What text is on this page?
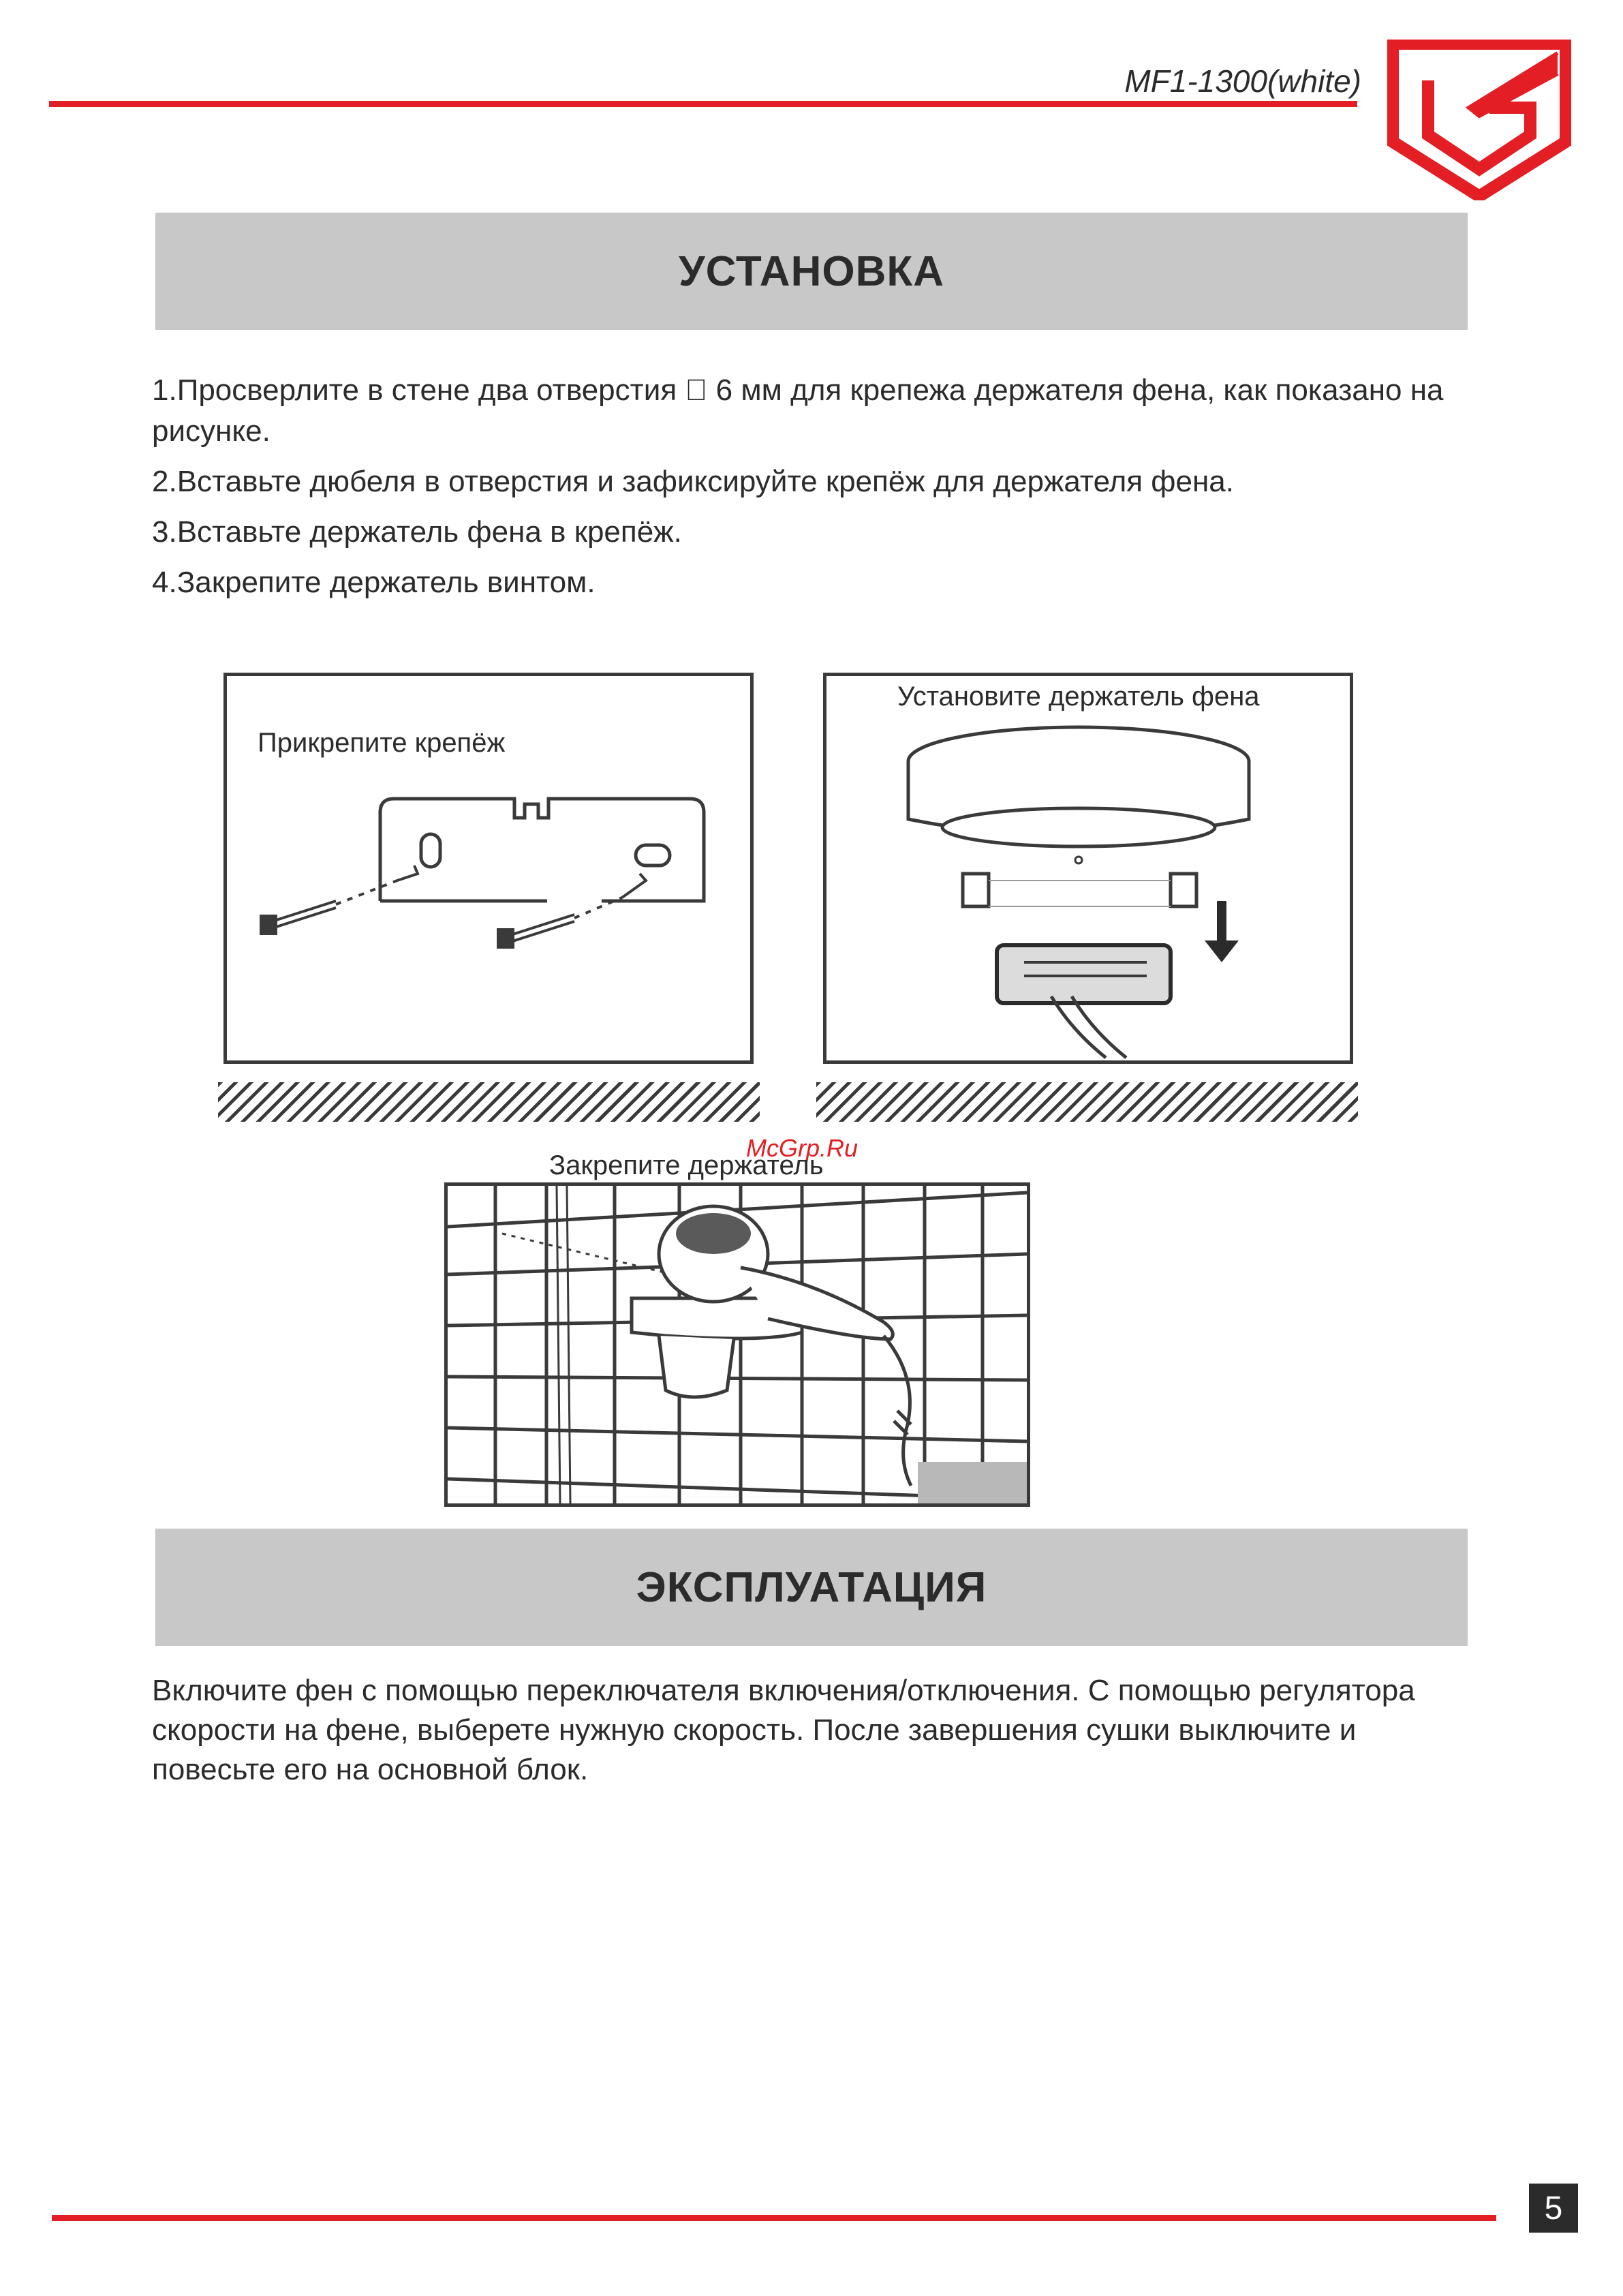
MF1-1300(white)
УСТАНОВКА

1.Просверлите в стене два отверстия ⃠ 6 мм для крепежа держателя фена, как показано на рисунке.

2.Вставьте дюбеля в отверстия и зафиксируйте крепёж для держателя фена.

3.Вставьте держатель фена в крепёж.

4.Закрепите держатель винтом.

Прикрепите крепёж
Установите держатель фена
McGrp.Ru
Закрепите держатель
ЭКСПЛУАТАЦИЯ

Включите фен с помощью переключателя включения/отключения. С помощью регулятора скорости на фене, выберете нужную скорость. После завершения сушки выключите и повесьте его на основной блок.

5
